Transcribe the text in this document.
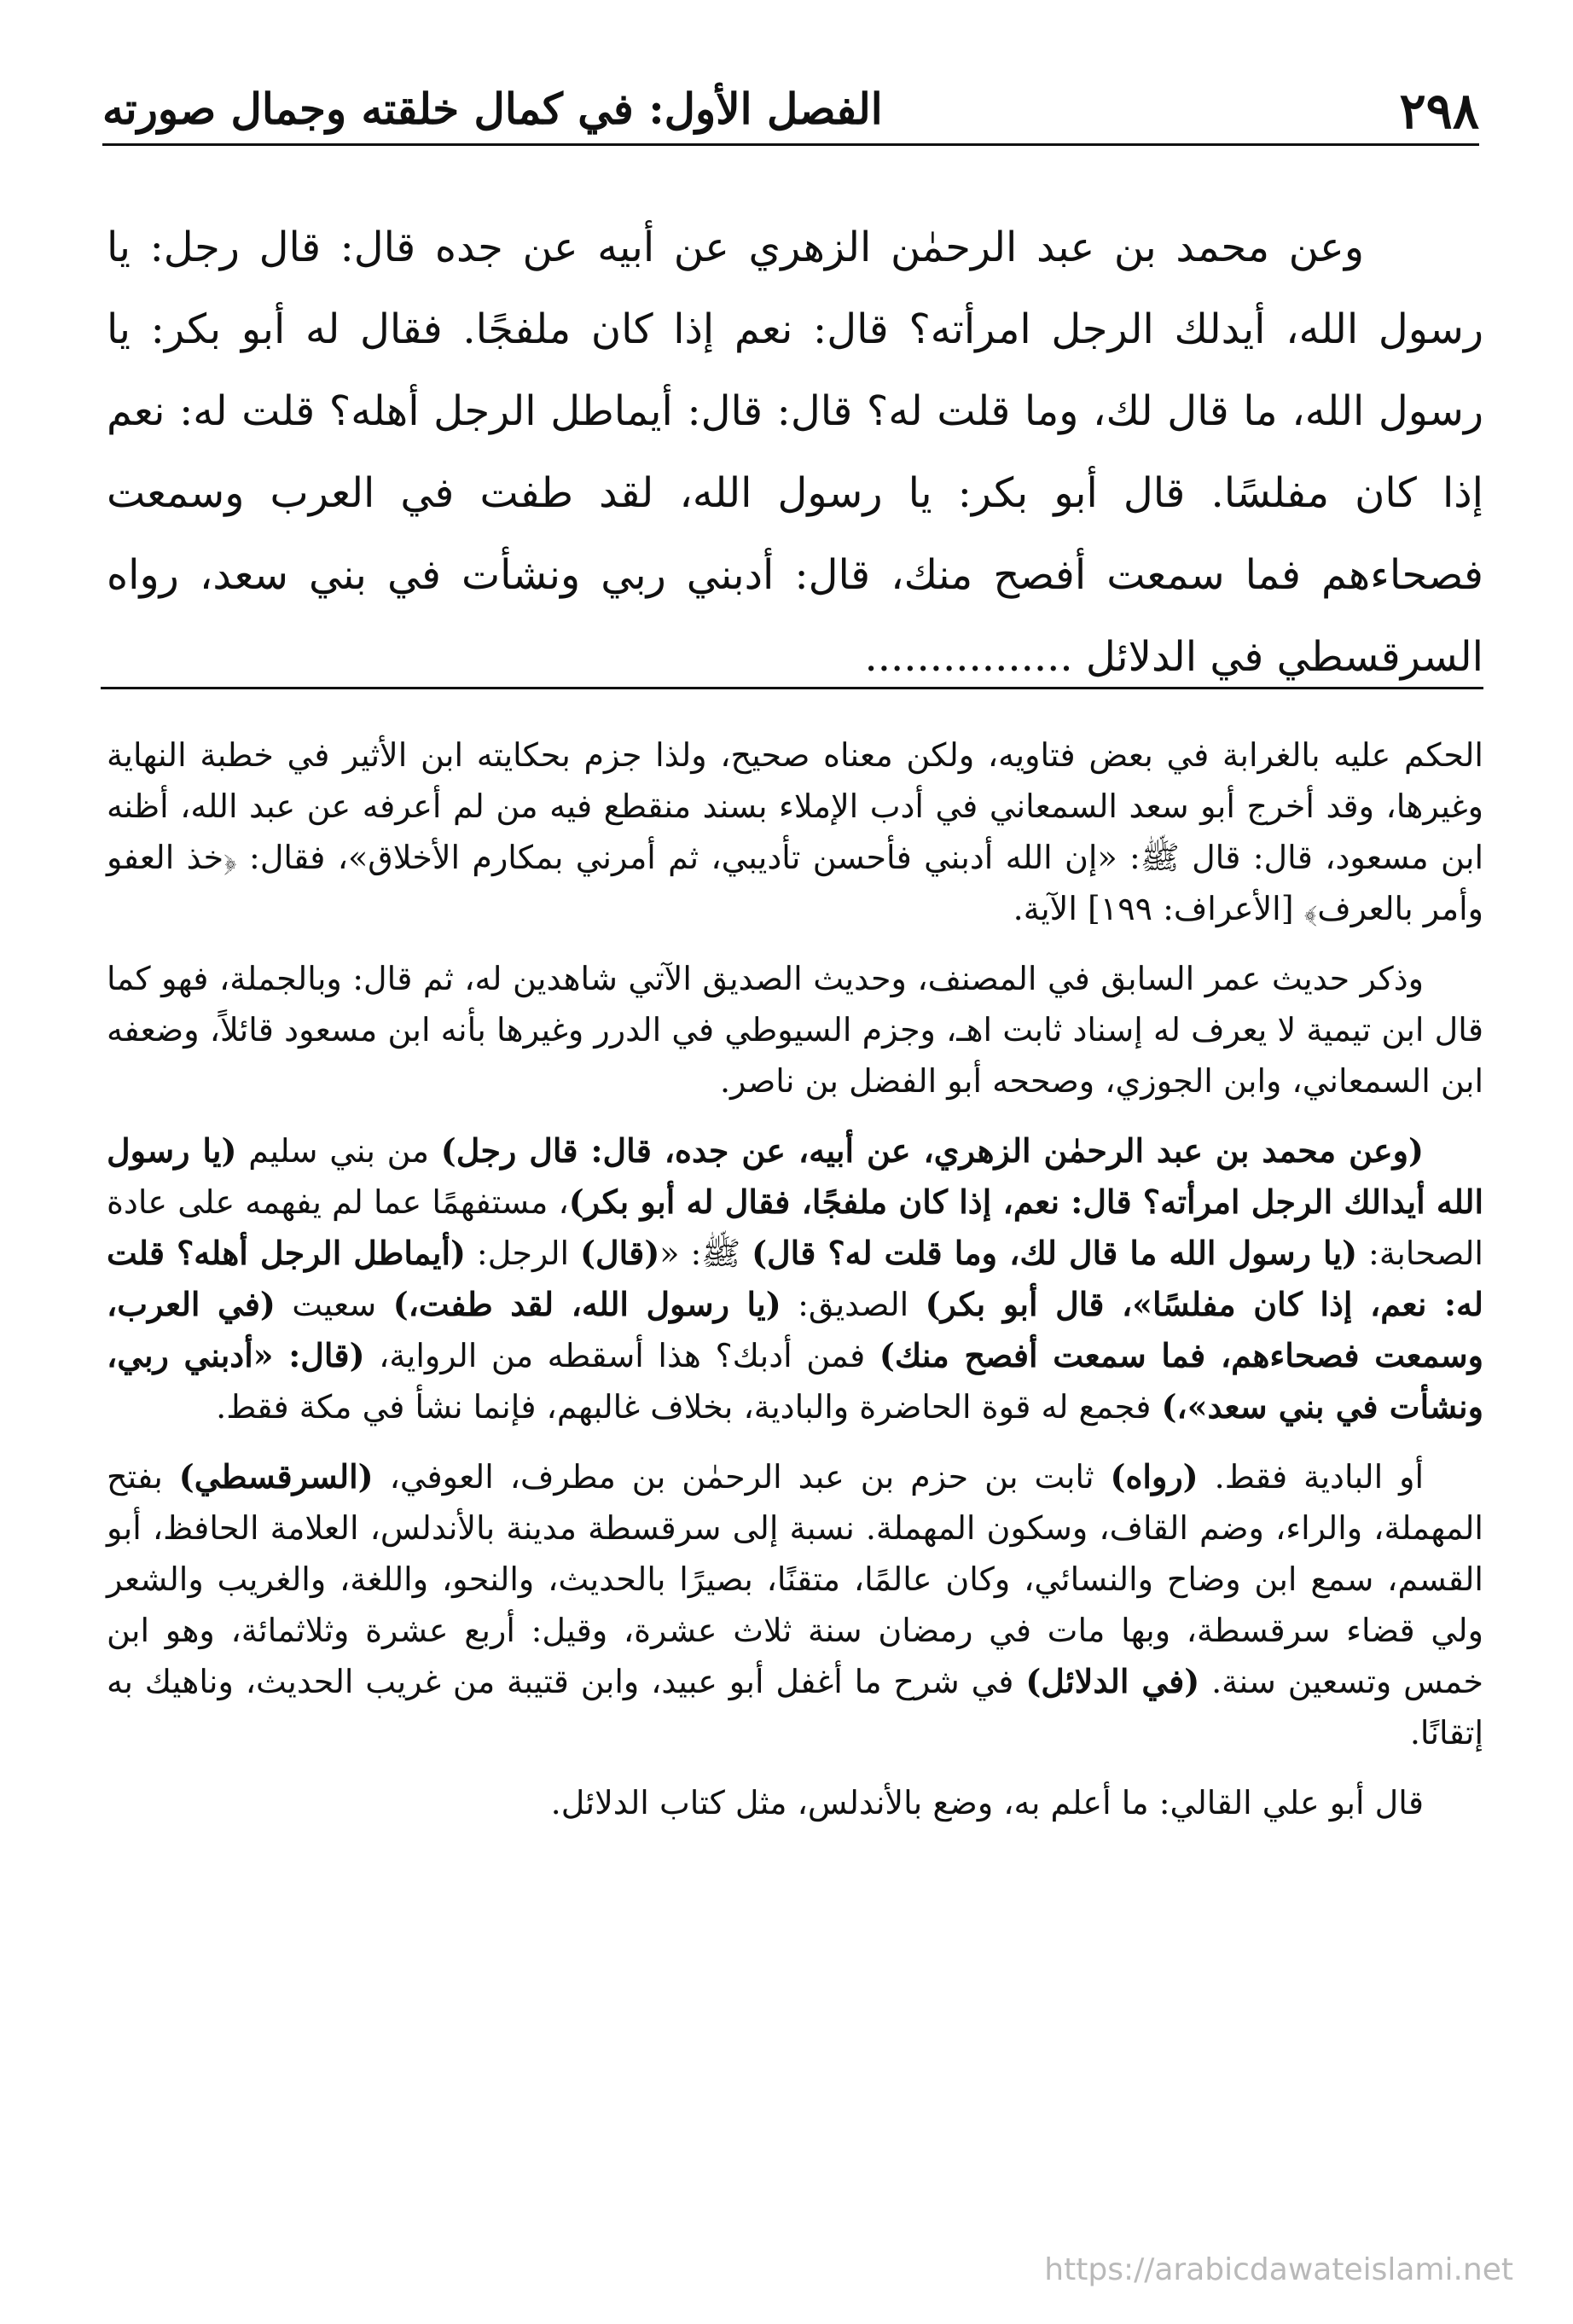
٢٩٨
الفصل الأول: في كمال خلقته وجمال صورته

وعن محمد بن عبد الرحمٰن الزهري عن أبيه عن جده قال: قال رجل: يا رسول الله، أيدلك الرجل امرأته؟ قال: نعم إذا كان ملفجًا. فقال له أبو بكر: يا رسول الله، ما قال لك، وما قلت له؟ قال: قال: أيماطل الرجل أهله؟ قلت له: نعم إذا كان مفلسًا. قال أبو بكر: يا رسول الله، لقد طفت في العرب وسمعت فصحاءهم فما سمعت أفصح منك، قال: أدبني ربي ونشأت في بني سعد، رواه السرقسطي في الدلائل ................

الحكم عليه بالغرابة في بعض فتاويه، ولكن معناه صحيح، ولذا جزم بحكايته ابن الأثير في خطبة النهاية وغيرها، وقد أخرج أبو سعد السمعاني في أدب الإملاء بسند منقطع فيه من لم أعرفه عن عبد الله، أظنه ابن مسعود، قال: قال ﷺ: «إن الله أدبني فأحسن تأديبي، ثم أمرني بمكارم الأخلاق»، فقال: ﴿خذ العفو وأمر بالعرف﴾ [الأعراف: ١٩٩] الآية.

وذكر حديث عمر السابق في المصنف، وحديث الصديق الآتي شاهدين له، ثم قال: وبالجملة، فهو كما قال ابن تيمية لا يعرف له إسناد ثابت اهـ، وجزم السيوطي في الدرر وغيرها بأنه ابن مسعود قائلاً، وضعفه ابن السمعاني، وابن الجوزي، وصححه أبو الفضل بن ناصر.

(وعن محمد بن عبد الرحمٰن الزهري، عن أبيه، عن جده، قال: قال رجل) من بني سليم (يا رسول الله أيدالك الرجل امرأته؟ قال: نعم، إذا كان ملفجًا، فقال له أبو بكر)، مستفهمًا عما لم يفهمه على عادة الصحابة: (يا رسول الله ما قال لك، وما قلت له؟ قال) ﷺ: «(قال) الرجل: (أيماطل الرجل أهله؟ قلت له: نعم، إذا كان مفلسًا»، قال أبو بكر) الصديق: (يا رسول الله، لقد طفت،) سعيت (في العرب، وسمعت فصحاءهم، فما سمعت أفصح منك) فمن أدبك؟ هذا أسقطه من الرواية، (قال: «أدبني ربي، ونشأت في بني سعد»،) فجمع له قوة الحاضرة والبادية، بخلاف غالبهم، فإنما نشأ في مكة فقط.

أو البادية فقط. (رواه) ثابت بن حزم بن عبد الرحمٰن بن مطرف، العوفي، (السرقسطي) بفتح المهملة، والراء، وضم القاف، وسكون المهملة. نسبة إلى سرقسطة مدينة بالأندلس، العلامة الحافظ، أبو القسم، سمع ابن وضاح والنسائي، وكان عالمًا، متقنًا، بصيرًا بالحديث، والنحو، واللغة، والغريب والشعر ولي قضاء سرقسطة، وبها مات في رمضان سنة ثلاث عشرة، وقيل: أربع عشرة وثلاثمائة، وهو ابن خمس وتسعين سنة. (في الدلائل) في شرح ما أغفل أبو عبيد، وابن قتيبة من غريب الحديث، وناهيك به إتقانًا.

قال أبو علي القالي: ما أعلم به، وضع بالأندلس، مثل كتاب الدلائل.

https://arabicdawateislami.net
